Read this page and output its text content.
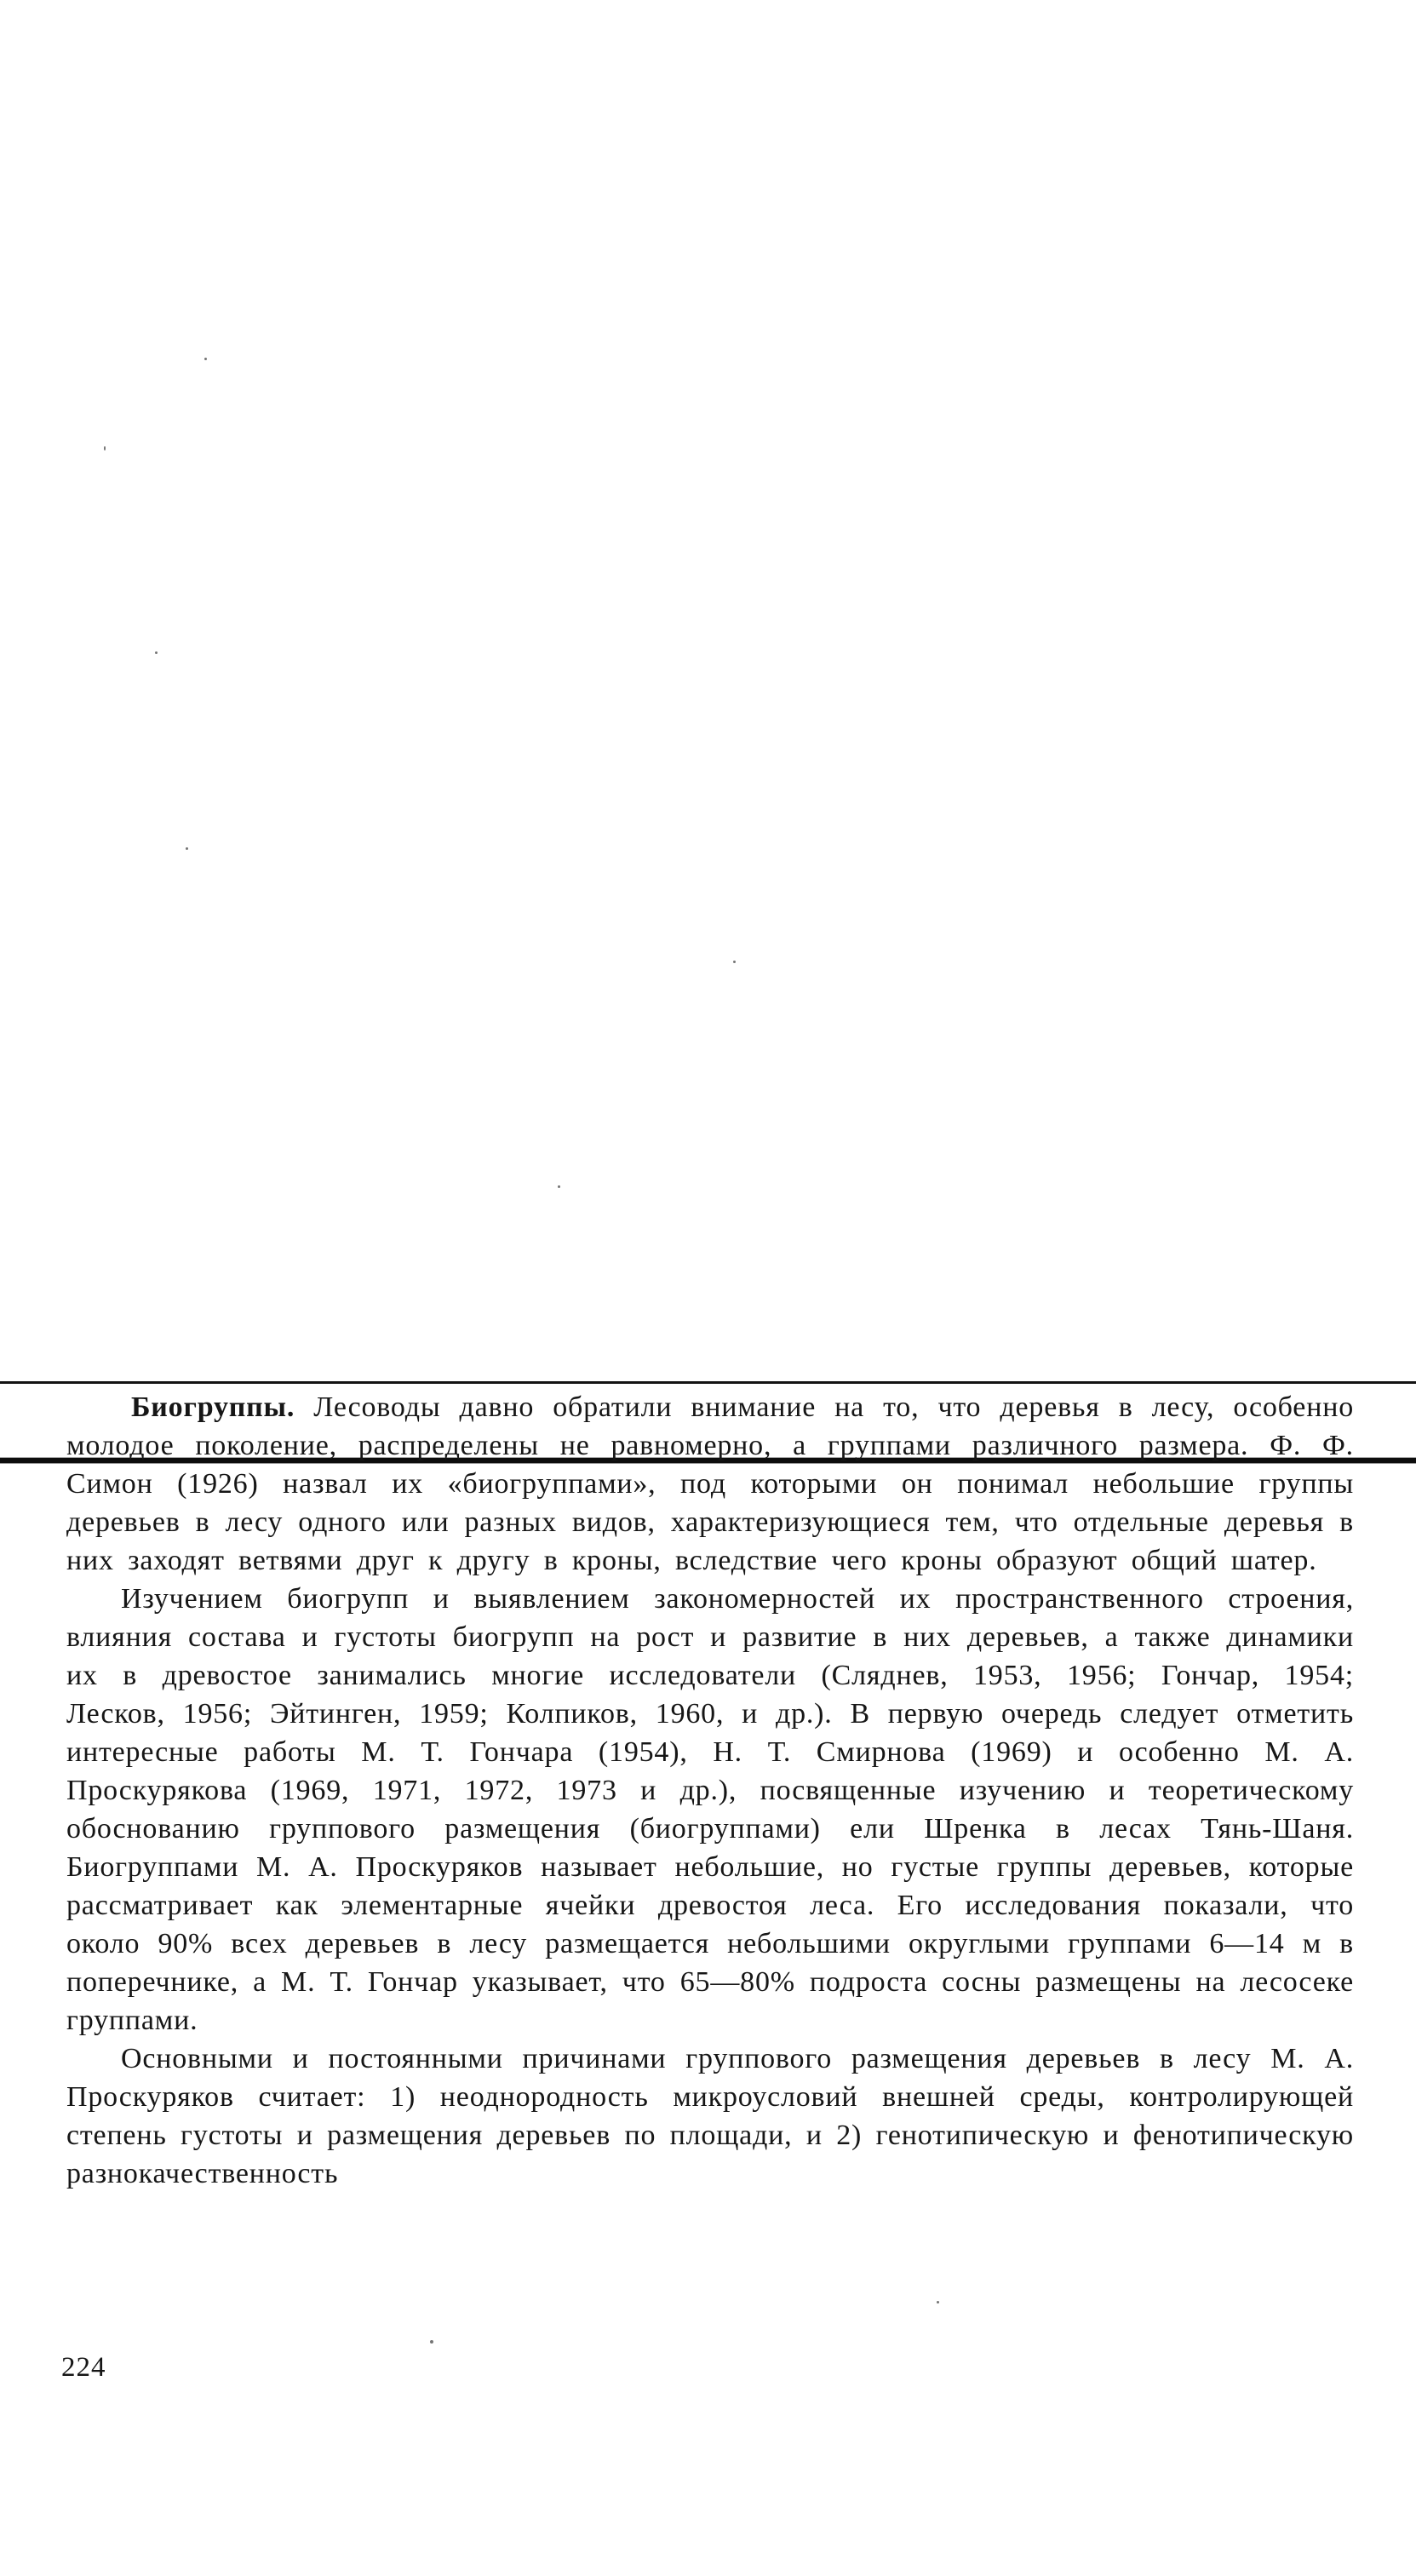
Биогруппы. Лесоводы давно обратили внимание на то, что деревья в лесу, особенно молодое поколение, распределены не равномерно, а группами различного размера. Ф. Ф. Симон (1926) назвал их «биогруппами», под которыми он понимал небольшие группы деревьев в лесу одного или разных видов, характеризующиеся тем, что отдельные деревья в них заходят ветвями друг к другу в кроны, вследствие чего кроны образуют общий шатер.

Изучением биогрупп и выявлением закономерностей их пространственного строения, влияния состава и густоты биогрупп на рост и развитие в них деревьев, а также динамики их в древостое занимались многие исследователи (Сляднев, 1953, 1956; Гончар, 1954; Лесков, 1956; Эйтинген, 1959; Колпиков, 1960, и др.). В первую очередь следует отметить интересные работы М. Т. Гончара (1954), Н. Т. Смирнова (1969) и особенно М. А. Проскурякова (1969, 1971, 1972, 1973 и др.), посвященные изучению и теоретическому обоснованию группового размещения (биогруппами) ели Шренка в лесах Тянь-Шаня. Биогруппами М. А. Проскуряков называет небольшие, но густые группы деревьев, которые рассматривает как элементарные ячейки древостоя леса. Его исследования показали, что около 90% всех деревьев в лесу размещается небольшими округлыми группами 6—14 м в поперечнике, а М. Т. Гончар указывает, что 65—80% подроста сосны размещены на лесосеке группами.

Основными и постоянными причинами группового размещения деревьев в лесу М. А. Проскуряков считает: 1) неоднородность микроусловий внешней среды, контролирующей степень густоты и размещения деревьев по площади, и 2) генотипическую и фенотипическую разнокачественность

224
